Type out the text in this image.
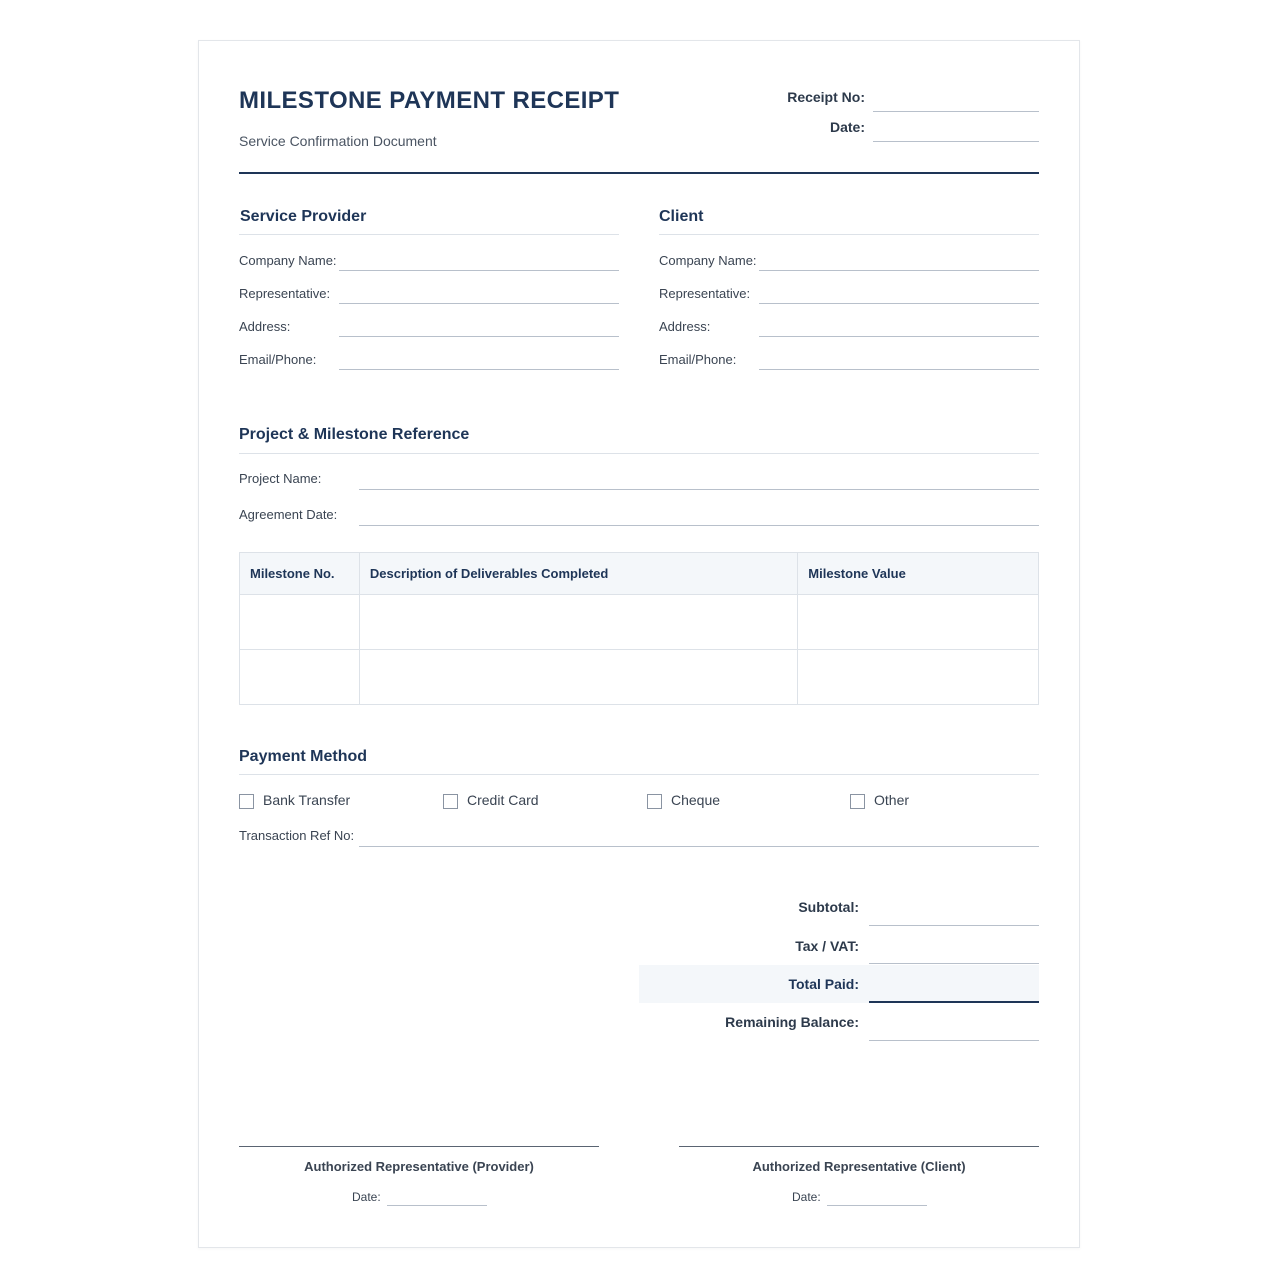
MILESTONE PAYMENT RECEIPT
Service Confirmation Document
Receipt No:
Date:
Service Provider
Company Name:
Representative:
Address:
Email/Phone:
Client
Company Name:
Representative:
Address:
Email/Phone:
Project & Milestone Reference
Project Name:
Agreement Date:
Milestone No.	Description of Deliverables Completed	Milestone Value

Payment Method
Bank Transfer	Credit Card	Cheque	Other
Transaction Ref No:
Subtotal:
Tax / VAT:
Total Paid:
Remaining Balance:
Authorized Representative (Provider)
Date:
Authorized Representative (Client)
Date:
